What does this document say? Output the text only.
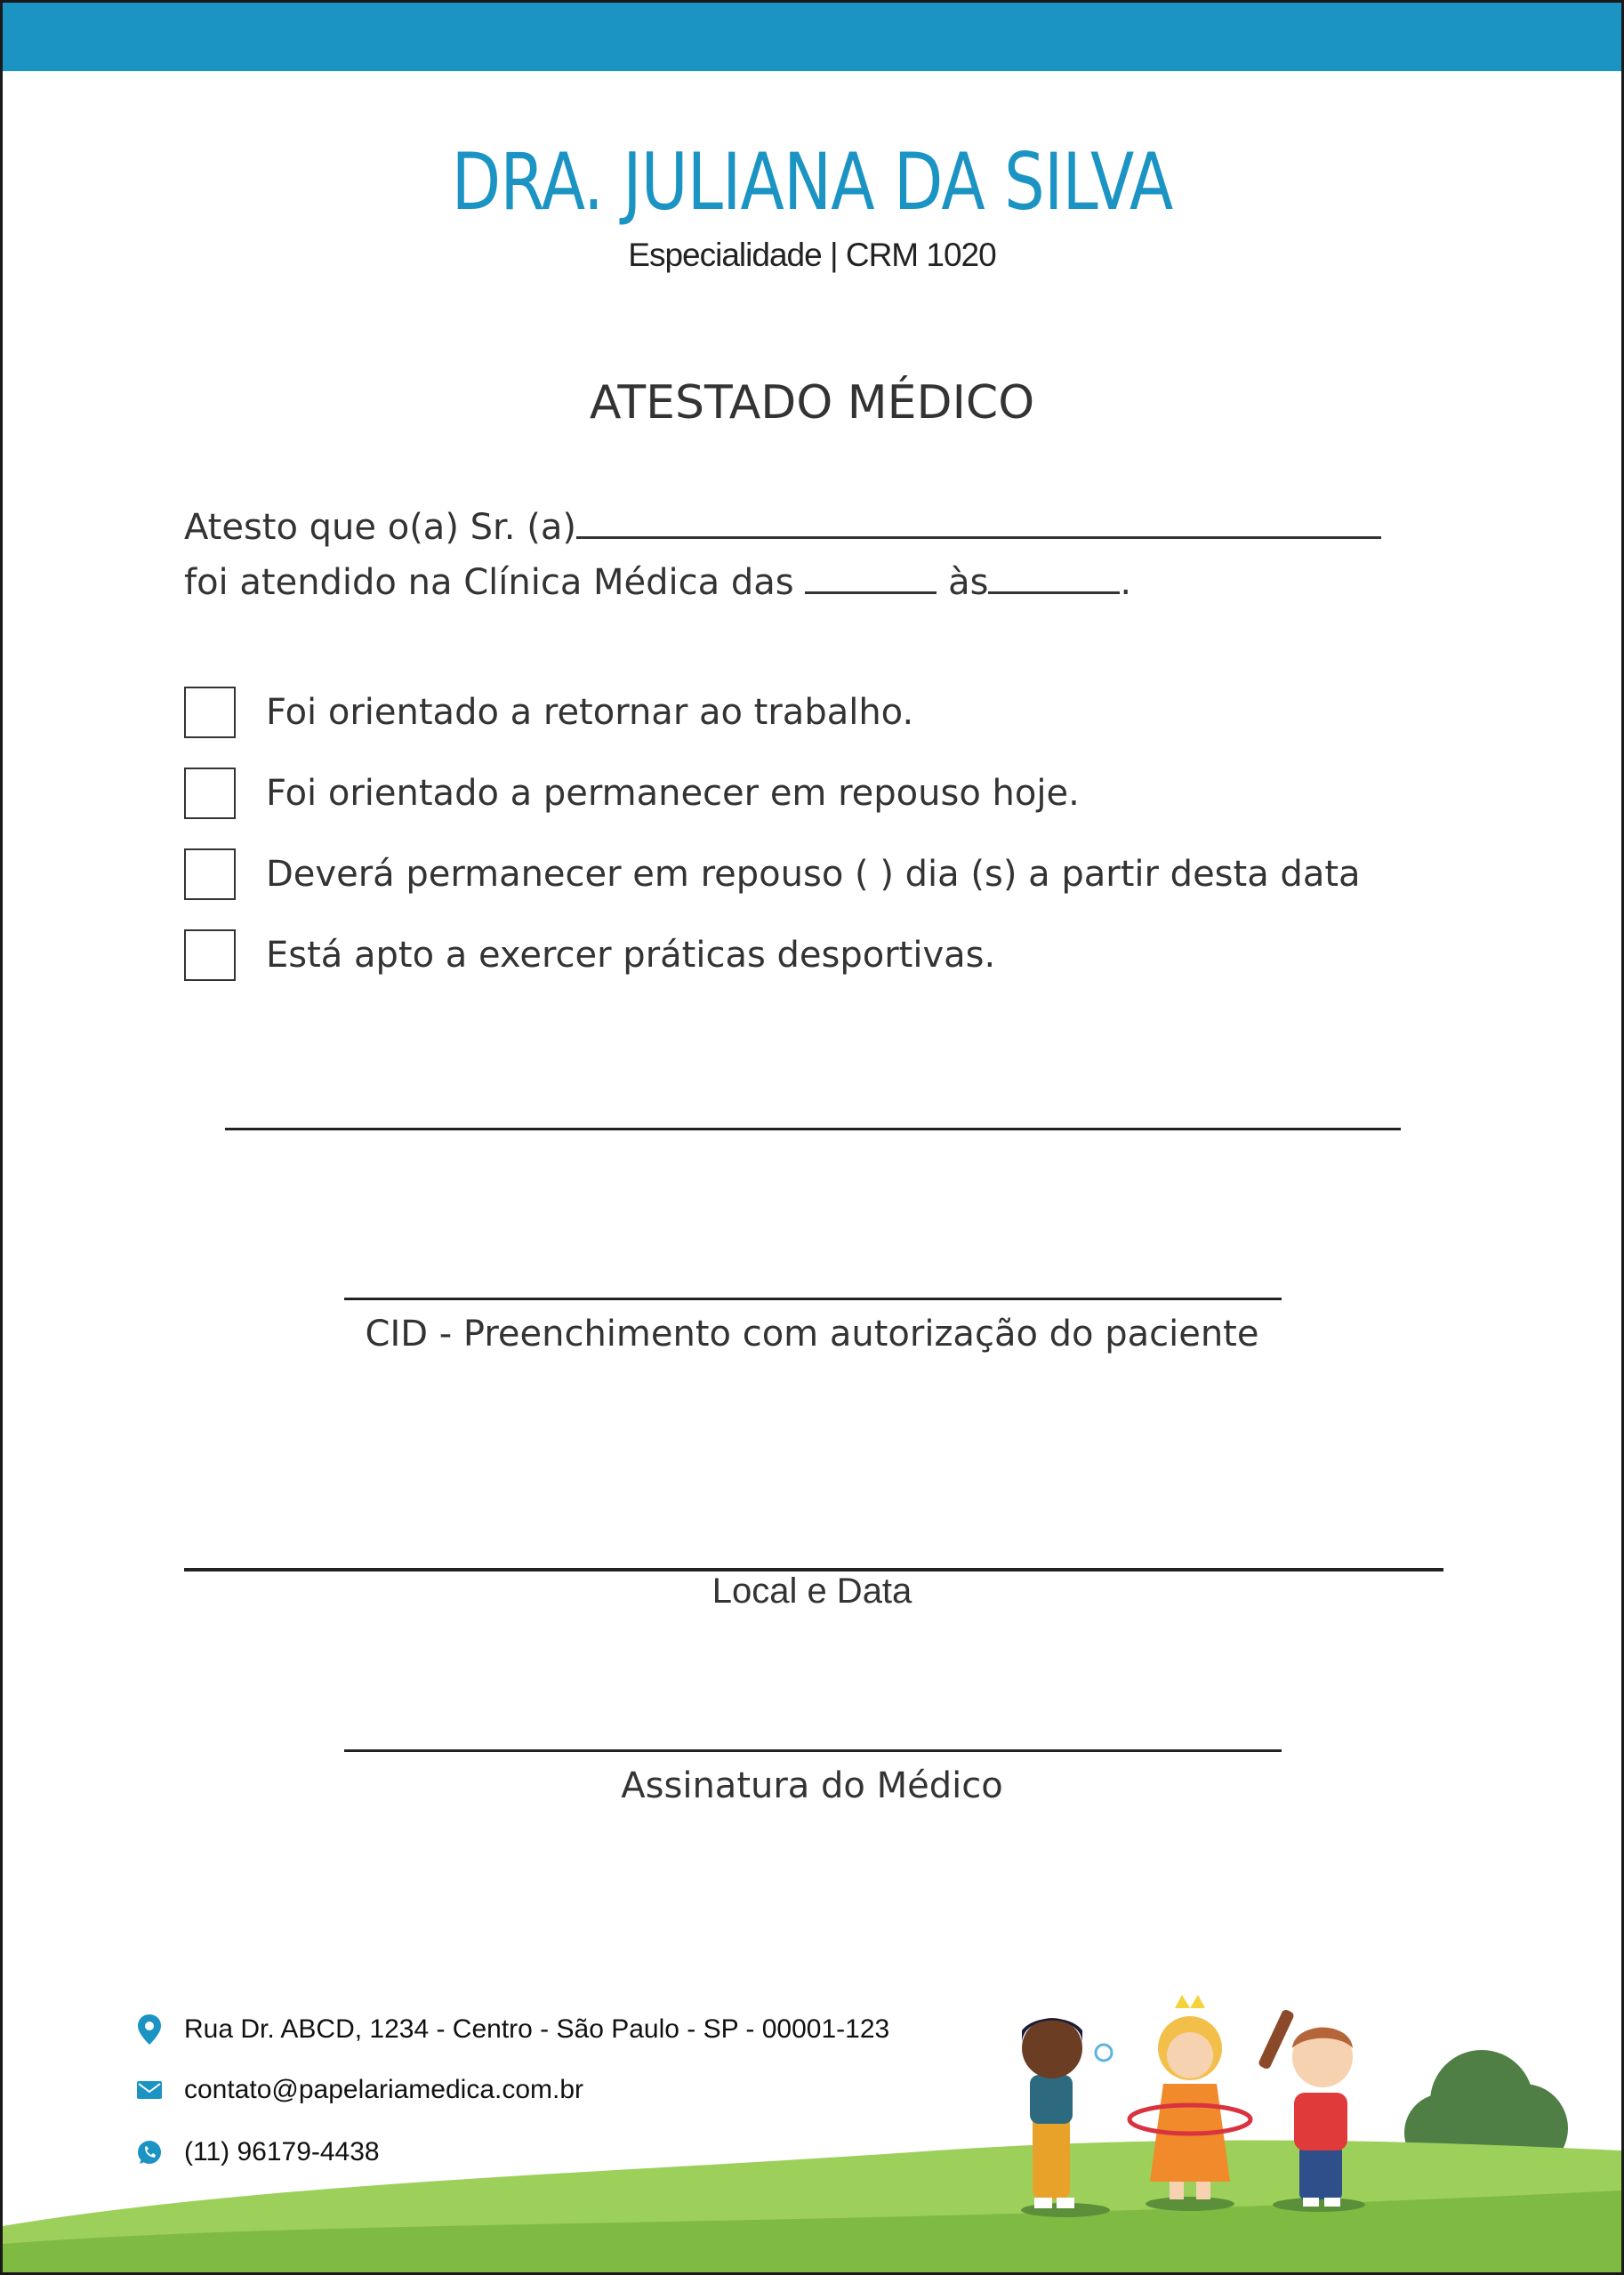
DRA. JULIANA DA SILVA
Especialidade | CRM 1020
ATESTADO MÉDICO
Atesto que o(a) Sr. (a)
foi atendido na Clínica Médica das	às	.
Foi orientado a retornar ao trabalho.
Foi orientado a permanecer em repouso hoje.
Deverá permanecer em repouso ( ) dia (s) a partir desta data
Está apto a exercer práticas desportivas.
CID - Preenchimento com autorização do paciente
Local e Data
Assinatura do Médico
Rua Dr. ABCD, 1234 - Centro - São Paulo - SP - 00001-123
contato@papelariamedica.com.br
(11) 96179-4438
